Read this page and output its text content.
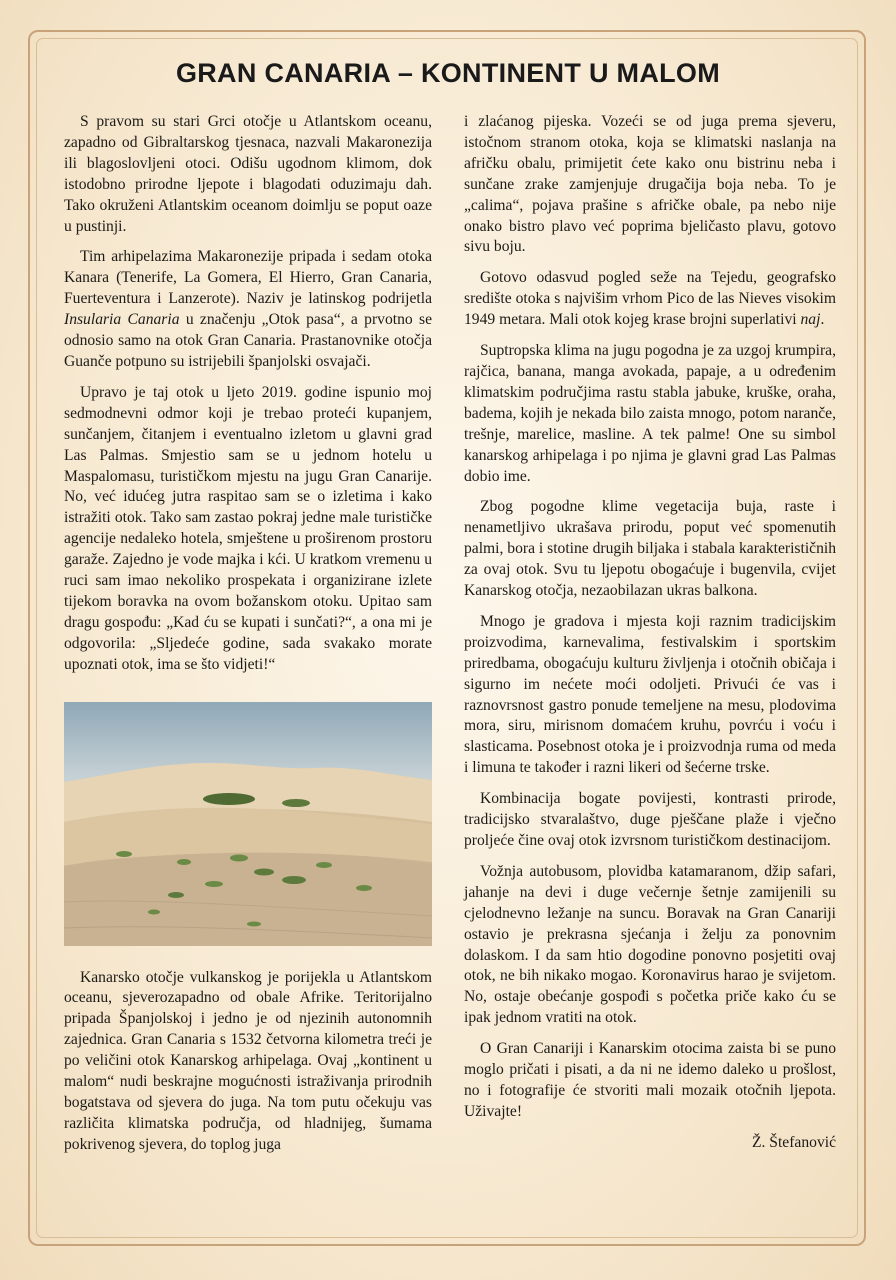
GRAN CANARIA – KONTINENT U MALOM

S pravom su stari Grci otočje u Atlantskom oceanu, zapadno od Gibraltarskog tjesnaca, nazvali Makaronezija ili blagoslovljeni otoci. Odišu ugodnom klimom, dok istodobno prirodne ljepote i blagodati oduzimaju dah. Tako okruženi Atlantskim oceanom doimlju se poput oaze u pustinji.

Tim arhipelazima Makaronezije pripada i sedam otoka Kanara (Tenerife, La Gomera, El Hierro, Gran Canaria, Fuerteventura i Lanzerote). Naziv je latinskog podrijetla Insularia Canaria u značenju „Otok pasa“, a prvotno se odnosio samo na otok Gran Canaria. Prastanovnike otočja Guanče potpuno su istrijebili španjolski osvajači.

Upravo je taj otok u ljeto 2019. godine ispunio moj sedmodnevni odmor koji je trebao proteći kupanjem, sunčanjem, čitanjem i eventualno izletom u glavni grad Las Palmas. Smjestio sam se u jednom hotelu u Maspalomasu, turističkom mjestu na jugu Gran Canarije. No, već idućeg jutra raspitao sam se o izletima i kako istražiti otok. Tako sam zastao pokraj jedne male turističke agencije nedaleko hotela, smještene u proširenom prostoru garaže. Zajedno je vode majka i kći. U kratkom vremenu u ruci sam imao nekoliko prospekata i organizirane izlete tijekom boravka na ovom božanskom otoku. Upitao sam dragu gospođu: „Kad ću se kupati i sunčati?“, a ona mi je odgovorila: „Sljedeće godine, sada svakako morate upoznati otok, ima se što vidjeti!“

Kanarsko otočje vulkanskog je porijekla u Atlantskom oceanu, sjeverozapadno od obale Afrike. Teritorijalno pripada Španjolskoj i jedno je od njezinih autonomnih zajednica. Gran Canaria s 1532 četvorna kilometra treći je po veličini otok Kanarskog arhipelaga. Ovaj „kontinent u malom“ nudi beskrajne mogućnosti istraživanja prirodnih bogatstava od sjevera do juga. Na tom putu očekuju vas različita klimatska područja, od hladnijeg, šumama pokrivenog sjevera, do toplog juga

i zlaćanog pijeska. Vozeći se od juga prema sjeveru, istočnom stranom otoka, koja se klimatski naslanja na afričku obalu, primijetit ćete kako onu bistrinu neba i sunčane zrake zamjenjuje drugačija boja neba. To je „calima“, pojava prašine s afričke obale, pa nebo nije onako bistro plavo već poprima bjeličasto plavu, gotovo sivu boju.

Gotovo odasvud pogled seže na Tejedu, geografsko središte otoka s najvišim vrhom Pico de las Nieves visokim 1949 metara. Mali otok kojeg krase brojni superlativi naj.

Suptropska klima na jugu pogodna je za uzgoj krumpira, rajčica, banana, manga avokada, papaje, a u određenim klimatskim područjima rastu stabla jabuke, kruške, oraha, badema, kojih je nekada bilo zaista mnogo, potom naranče, trešnje, marelice, masline. A tek palme! One su simbol kanarskog arhipelaga i po njima je glavni grad Las Palmas dobio ime.

Zbog pogodne klime vegetacija buja, raste i nenametljivo ukrašava prirodu, poput već spomenutih palmi, bora i stotine drugih biljaka i stabala karakterističnih za ovaj otok. Svu tu ljepotu obogaćuje i bugenvila, cvijet Kanarskog otočja, nezaobilazan ukras balkona.

Mnogo je gradova i mjesta koji raznim tradicijskim proizvodima, karnevalima, festivalskim i sportskim priredbama, obogaćuju kulturu življenja i otočnih običaja i sigurno im nećete moći odoljeti. Privući će vas i raznovrsnost gastro ponude temeljene na mesu, plodovima mora, siru, mirisnom domaćem kruhu, povrću i voću i slasticama. Posebnost otoka je i proizvodnja ruma od meda i limuna te također i razni likeri od šećerne trske.

Kombinacija bogate povijesti, kontrasti prirode, tradicijsko stvaralaštvo, duge pješčane plaže i vječno proljeće čine ovaj otok izvrsnom turističkom destinacijom.

Vožnja autobusom, plovidba katamaranom, džip safari, jahanje na devi i duge večernje šetnje zamijenili su cjelodnevno ležanje na suncu. Boravak na Gran Canariji ostavio je prekrasna sjećanja i želju za ponovnim dolaskom. I da sam htio dogodine ponovno posjetiti ovaj otok, ne bih nikako mogao. Koronavirus harao je svijetom. No, ostaje obećanje gospođi s početka priče kako ću se ipak jednom vratiti na otok.

O Gran Canariji i Kanarskim otocima zaista bi se puno moglo pričati i pisati, a da ni ne idemo daleko u prošlost, no i fotografije će stvoriti mali mozaik otočnih ljepota. Uživajte!

Ž. Štefanović
